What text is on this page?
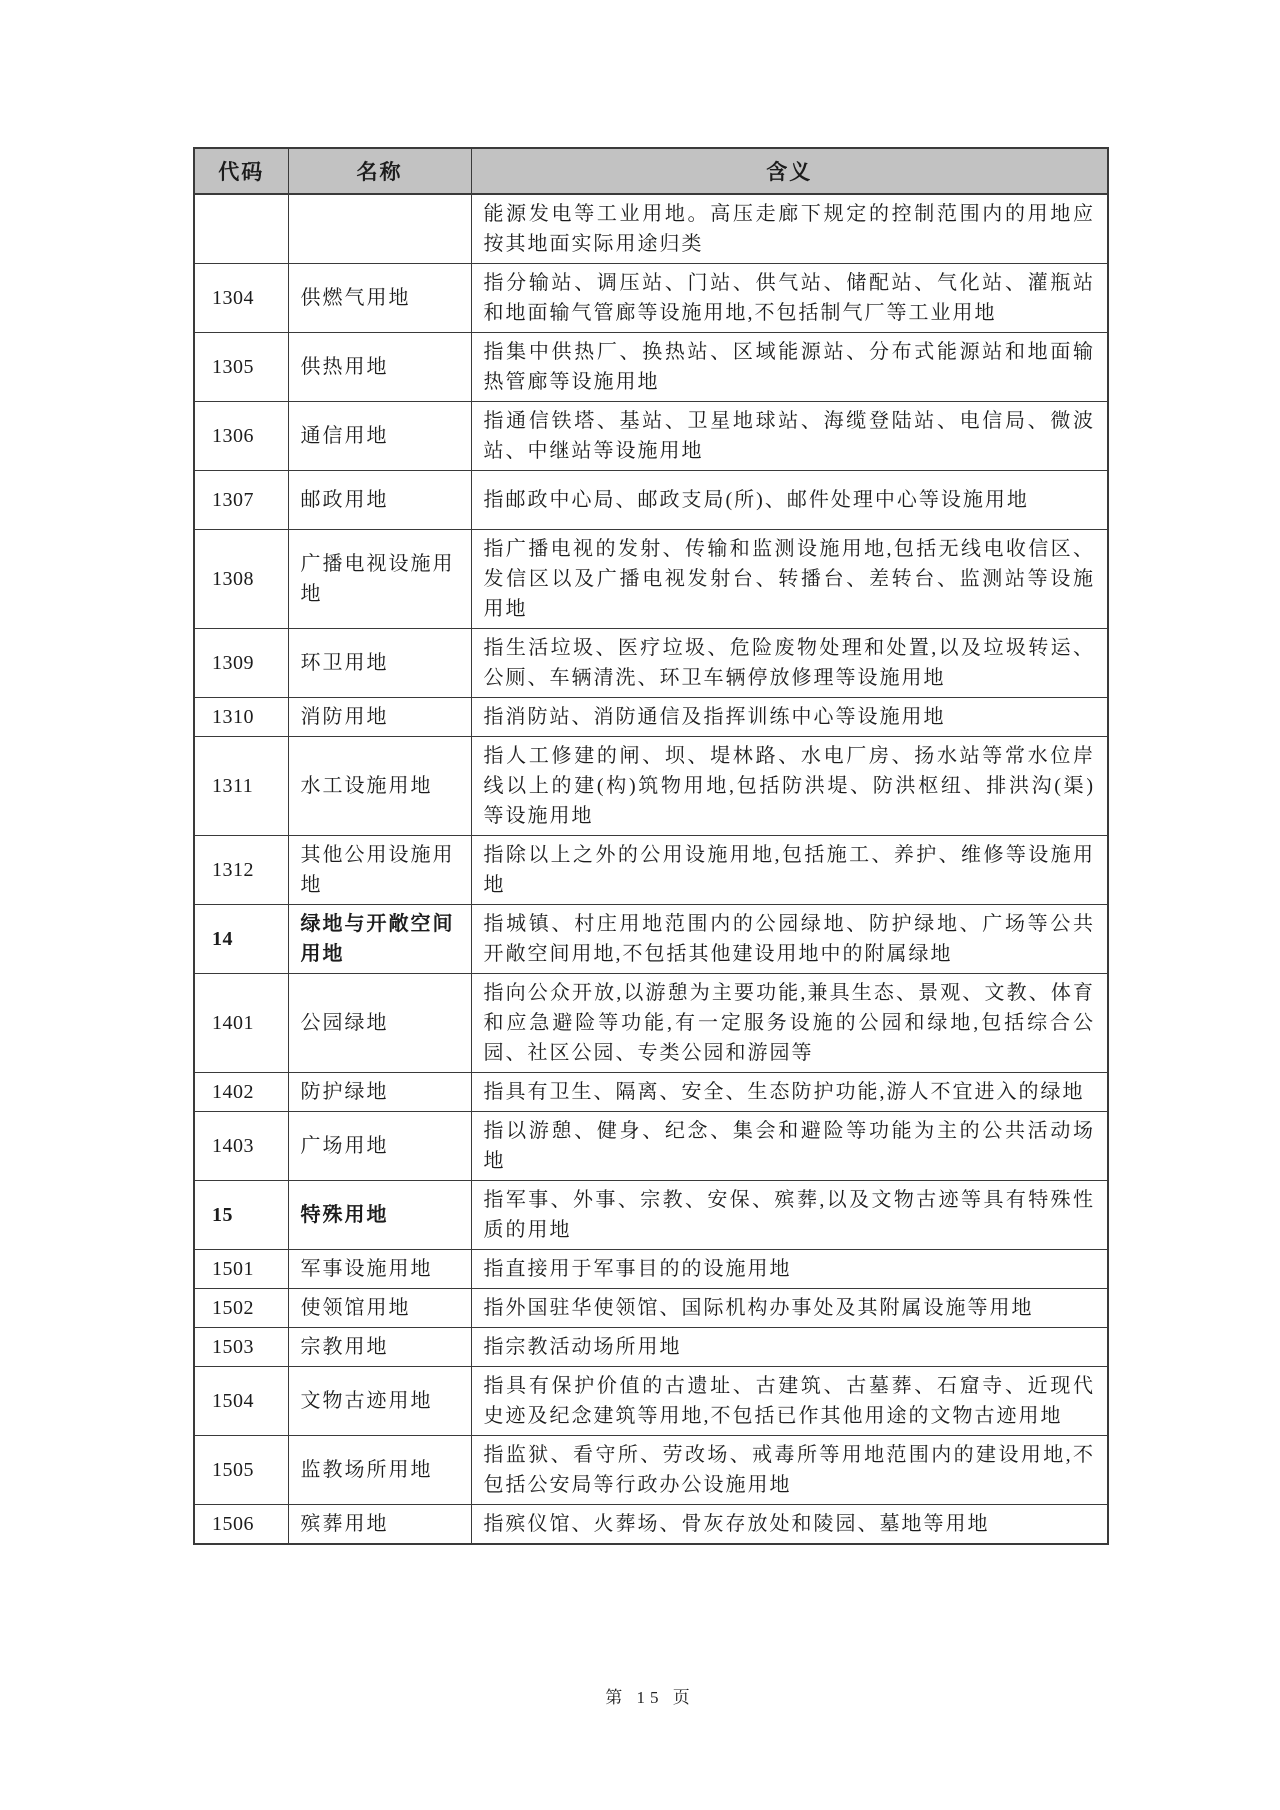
代码	名称	含义
		能源发电等工业用地。高压走廊下规定的控制范围内的用地应按其地面实际用途归类
1304	供燃气用地	指分输站、调压站、门站、供气站、储配站、气化站、灌瓶站和地面输气管廊等设施用地,不包括制气厂等工业用地
1305	供热用地	指集中供热厂、换热站、区域能源站、分布式能源站和地面输热管廊等设施用地
1306	通信用地	指通信铁塔、基站、卫星地球站、海缆登陆站、电信局、微波站、中继站等设施用地
1307	邮政用地	指邮政中心局、邮政支局(所)、邮件处理中心等设施用地
1308	广播电视设施用地	指广播电视的发射、传输和监测设施用地,包括无线电收信区、发信区以及广播电视发射台、转播台、差转台、监测站等设施用地
1309	环卫用地	指生活垃圾、医疗垃圾、危险废物处理和处置,以及垃圾转运、公厕、车辆清洗、环卫车辆停放修理等设施用地
1310	消防用地	指消防站、消防通信及指挥训练中心等设施用地
1311	水工设施用地	指人工修建的闸、坝、堤林路、水电厂房、扬水站等常水位岸线以上的建(构)筑物用地,包括防洪堤、防洪枢纽、排洪沟(渠)等设施用地
1312	其他公用设施用地	指除以上之外的公用设施用地,包括施工、养护、维修等设施用地
14	绿地与开敞空间用地	指城镇、村庄用地范围内的公园绿地、防护绿地、广场等公共开敞空间用地,不包括其他建设用地中的附属绿地
1401	公园绿地	指向公众开放,以游憩为主要功能,兼具生态、景观、文教、体育和应急避险等功能,有一定服务设施的公园和绿地,包括综合公园、社区公园、专类公园和游园等
1402	防护绿地	指具有卫生、隔离、安全、生态防护功能,游人不宜进入的绿地
1403	广场用地	指以游憩、健身、纪念、集会和避险等功能为主的公共活动场地
15	特殊用地	指军事、外事、宗教、安保、殡葬,以及文物古迹等具有特殊性质的用地
1501	军事设施用地	指直接用于军事目的的设施用地
1502	使领馆用地	指外国驻华使领馆、国际机构办事处及其附属设施等用地
1503	宗教用地	指宗教活动场所用地
1504	文物古迹用地	指具有保护价值的古遗址、古建筑、古墓葬、石窟寺、近现代史迹及纪念建筑等用地,不包括已作其他用途的文物古迹用地
1505	监教场所用地	指监狱、看守所、劳改场、戒毒所等用地范围内的建设用地,不包括公安局等行政办公设施用地
1506	殡葬用地	指殡仪馆、火葬场、骨灰存放处和陵园、墓地等用地
第 15 页
